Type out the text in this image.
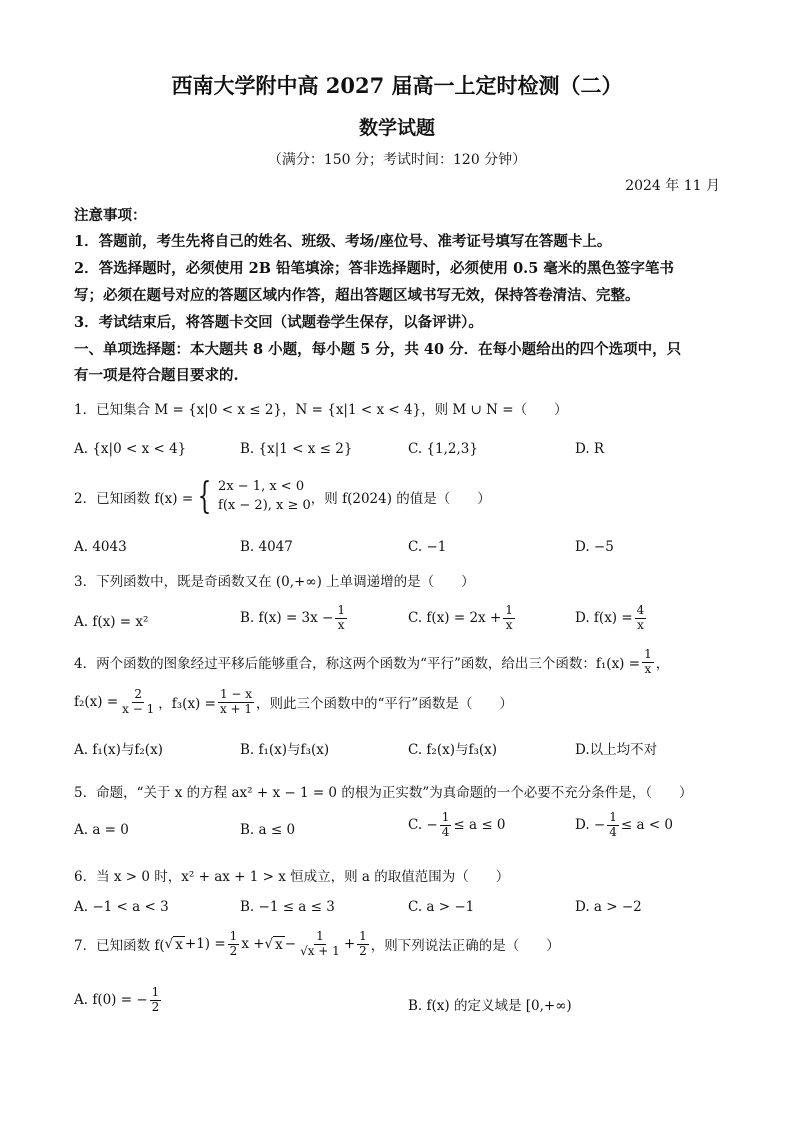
西南大学附中高 2027 届高一上定时检测（二）
数学试题
（满分：150 分；考试时间：120 分钟）
2024 年 11 月
注意事项：
1．答题前，考生先将自己的姓名、班级、考场/座位号、准考证号填写在答题卡上。
2．答选择题时，必须使用 2B 铅笔填涂；答非选择题时，必须使用 0.5 毫米的黑色签字笔书
写；必须在题号对应的答题区域内作答，超出答题区域书写无效，保持答卷清洁、完整。
3．考试结束后，将答题卡交回（试题卷学生保存，以备评讲）。
一、单项选择题：本大题共 8 小题，每小题 5 分，共 40 分．在每小题给出的四个选项中，只
有一项是符合题目要求的.
1．已知集合 M = {x|0 < x ≤ 2}，N = {x|1 < x < 4}，则 M ∪ N =（　　）
A. {x|0 < x < 4}	B. {x|1 < x ≤ 2}	C. {1,2,3}	D. R
2．已知函数 f(x) = { 2x − 1, x < 0
f(x − 2), x ≥ 0 ，则 f(2024) 的值是（　　）
A. 4043	B. 4047	C. −1	D. −5
3．下列函数中，既是奇函数又在 (0,+∞) 上单调递增的是（　　）
A. f(x) = x²	B. $f(x) = 3x - \frac{1}{x}$	C. $f(x) = 2x + \frac{1}{x}$	D. $f(x) = \frac{4}{x}$
4．两个函数的图象经过平移后能够重合，称这两个函数为“平行”函数，给出三个函数：$f_1(x) = \frac{1}{x}$ ，
$f_2(x) = \frac{2}{x - 1}$ ，$f_3(x) = \frac{1 - x}{x + 1}$ ，则此三个函数中的“平行”函数是（　　）
A. f₁(x)与f₂(x)	B. f₁(x)与f₃(x)	C. f₂(x)与f₃(x)	D.以上均不对
5．命题，“关于 x 的方程 ax² + x − 1 = 0 的根为正实数”为真命题的一个必要不充分条件是，（　　）
A. a = 0	B. a ≤ 0	C. − $\frac{1}{4} \le a \le 0$	D. − $\frac{1}{4} \le a < 0$
6．当 x > 0 时，x² + ax + 1 > x 恒成立，则 a 的取值范围为（　　）
A. −1 < a < 3	B. −1 ≤ a ≤ 3	C. a > −1	D. a > −2
7．已知函数 f( √ $x +1) = \frac{1}{2}$ x + √ $x - \frac{1}{√x + 1} + \frac{1}{2}$ ，则下列说法正确的是（　　）
A. f(0) = − $\frac{1}{2}$	B. f(x) 的定义域是 [0,+∞)
